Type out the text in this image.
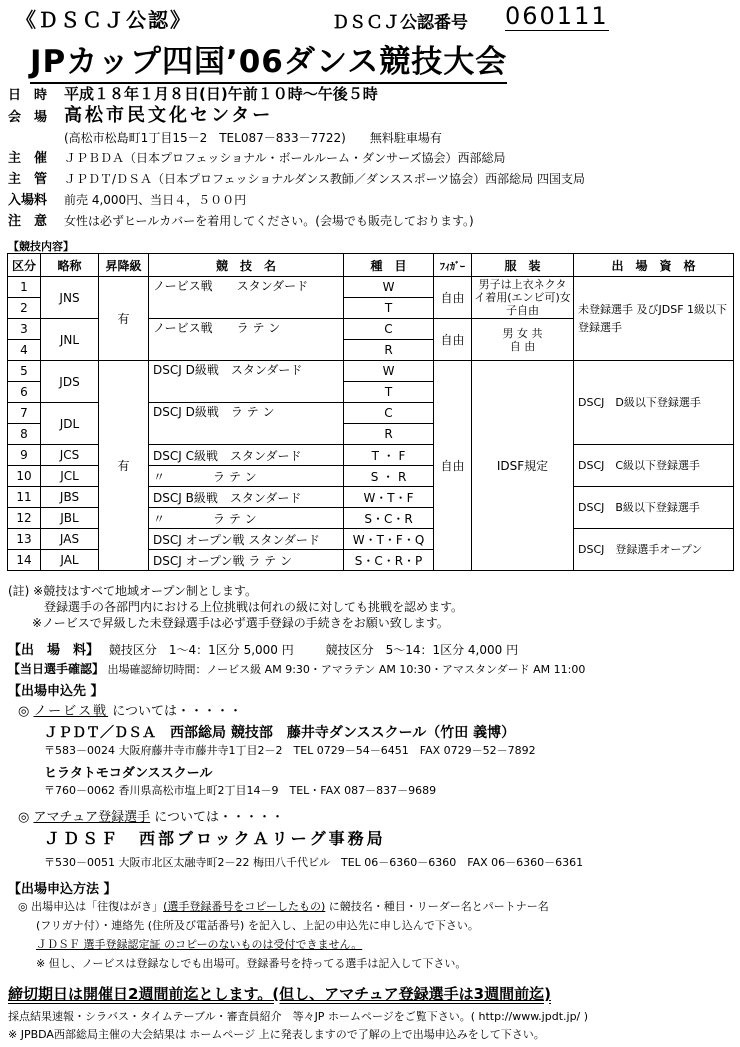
《ＤＳＣＪ公認》	ＤＳＣＪ公認番号 060111
JPカップ四国’06ダンス競技大会
日　時 平成１８年１月８日(日)午前１０時～午後５時
会　場 高松市民文化センター
(高松市松島町1丁目15－2　TEL087－833－7722)　　無料駐車場有
主　催 ＪＰＢＤＡ（日本プロフェッショナル・ボールルーム・ダンサーズ協会）西部総局
主　管 ＪＰＤＴ/ＤＳＡ（日本プロフェッショナルダンス教師／ダンススポーツ協会）西部総局 四国支局
入場料 前売 4,000円、当日４，５００円
注　意 女性は必ずヒールカバーを着用してください。(会場でも販売しております。)
【競技内容】
区分	略称	昇降級	競　技　名	種　目	ﾌｨｶﾞｰ	服　装	出　場　資　格
1	JNS	有	ノービス戦　　スタンダード	W	自由	男子は上衣ネクタイ着用(エンビ可)女子自由	未登録選手 及びJDSF 1級以下　登録選手
2				T			
3	JNL		ノービス戦　　ラ テ ン	C	自由	男 女 共
自 由	

4				R			
5	JDS	有	DSCJ D級戦　スタンダード	W	自由	IDSF規定	DSCJ　D級以下登録選手
6				T			
7	JDL		DSCJ D級戦　ラ テ ン	C			
8				R			
9	JCS		DSCJ C級戦　スタンダード	T ・ F			DSCJ　C級以下登録選手
10	JCL		〃　　　　ラ テ ン	S ・ R			
11	JBS		DSCJ B級戦　スタンダード	W・T・F			DSCJ　B級以下登録選手
12	JBL		〃　　　　ラ テ ン	S・C・R			
13	JAS		DSCJ オープン戦 スタンダード	W・T・F・Q			DSCJ　登録選手オープン
14	JAL		DSCJ オープン戦 ラ テ ン	S・C・R・P			
(註) ※競技はすべて地域オープン制とします。
　　　登録選手の各部門内における上位挑戦は何れの級に対しても挑戦を認めます。
　　※ノービスで昇級した未登録選手は必ず選手登録の手続きをお願い致します。
【出　場　料】 競技区分　1～4：1区分 5,000 円	競技区分　5～14：1区分 4,000 円
【当日選手確認】 出場確認締切時間：ノービス級 AM 9:30・アマラテン AM 10:30・アマスタンダード AM 11:00
【出場申込先 】
◎ ノービス戦 については・・・・・
ＪＰＤＴ／ＤＳＡ　西部総局 競技部　藤井寺ダンススクール（竹田 義博）
〒583－0024 大阪府藤井寺市藤井寺1丁目2－2　TEL 0729－54－6451　FAX 0729－52－7892
ヒラタトモコダンススクール
〒760－0062 香川県高松市塩上町2丁目14－9　TEL・FAX 087－837－9689
◎ アマチュア登録選手 については・・・・・
ＪＤＳＦ　西部ブロックＡリーグ事務局
〒530－0051 大阪市北区太融寺町2－22 梅田八千代ビル　TEL 06－6360－6360　FAX 06－6360－6361
【出場申込方法 】
◎ 出場申込は「往復はがき」(選手登録番号をコピーしたもの) に競技名・種目・リーダー名とパートナー名
(フリガナ付）・連絡先 (住所及び電話番号) を記入し、上記の申込先に申し込んで下さい。
ＪＤＳＦ 選手登録認定証 のコピーのないものは受付できません。
※ 但し、ノービスは登録なしでも出場可。登録番号を持ってる選手は記入して下さい。
締切期日は開催日2週間前迄とします。(但し、アマチュア登録選手は3週間前迄)
採点結果速報・シラバス・タイムテーブル・審査員紹介　等々JP ホームページをご覧下さい。( http://www.jpdt.jp/ )
※ JPBDA西部総局主催の大会結果は ホームページ 上に発表しますので了解の上で出場申込みをして下さい。
